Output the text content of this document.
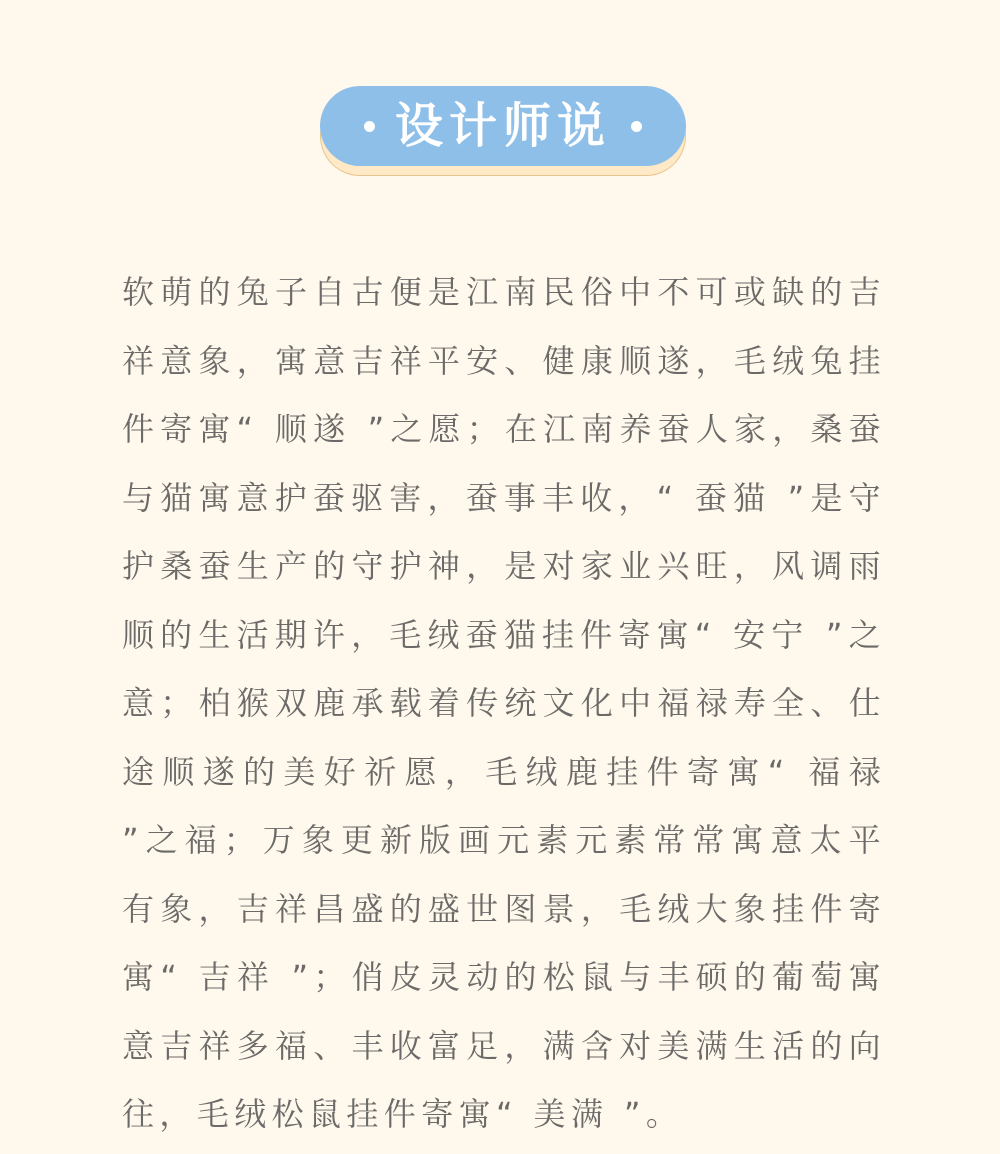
设计师说

软萌的兔子自古便是江南民俗中不可或缺的吉祥意象，寓意吉祥平安、健康顺遂，毛绒兔挂件寄寓“ 顺遂 ”之愿；在江南养蚕人家，桑蚕与猫寓意护蚕驱害，蚕事丰收，“ 蚕猫 ”是守护桑蚕生产的守护神，是对家业兴旺，风调雨顺的生活期许，毛绒蚕猫挂件寄寓“ 安宁 ”之意；柏猴双鹿承载着传统文化中福禄寿全、仕途顺遂的美好祈愿，毛绒鹿挂件寄寓“ 福禄 ”之福；万象更新版画元素元素常常寓意太平有象，吉祥昌盛的盛世图景，毛绒大象挂件寄寓“ 吉祥 ”；俏皮灵动的松鼠与丰硕的葡萄寓意吉祥多福、丰收富足，满含对美满生活的向往，毛绒松鼠挂件寄寓“ 美满 ”。
